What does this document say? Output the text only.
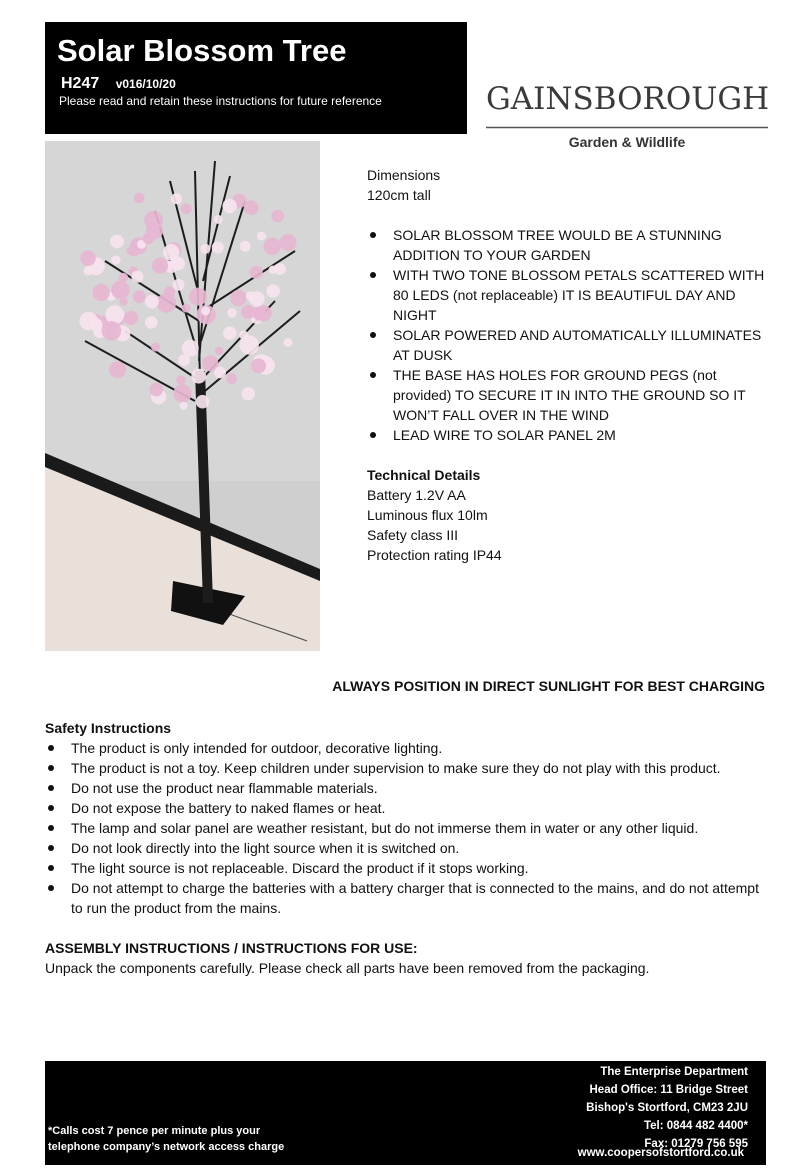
Solar Blossom Tree
H247 v016/10/20
Please read and retain these instructions for future reference	GAINSBOROUGH
Garden & Wildlife

Dimensions

120cm tall

SOLAR BLOSSOM TREE WOULD BE A STUNNING ADDITION TO YOUR GARDEN
WITH TWO TONE BLOSSOM PETALS SCATTERED WITH 80 LEDS (not replaceable) IT IS BEAUTIFUL DAY AND NIGHT
SOLAR POWERED AND AUTOMATICALLY ILLUMINATES AT DUSK
THE BASE HAS HOLES FOR GROUND PEGS (not provided) TO SECURE IT IN INTO THE GROUND SO IT WON’T FALL OVER IN THE WIND
LEAD WIRE TO SOLAR PANEL 2M

Technical Details

Battery 1.2V AA

Luminous flux 10lm

Safety class III

Protection rating IP44

ALWAYS POSITION IN DIRECT SUNLIGHT FOR BEST CHARGING
Safety Instructions
The product is only intended for outdoor, decorative lighting.
The product is not a toy. Keep children under supervision to make sure they do not play with this product.
Do not use the product near flammable materials.
Do not expose the battery to naked flames or heat.
The lamp and solar panel are weather resistant, but do not immerse them in water or any other liquid.
Do not look directly into the light source when it is switched on.
The light source is not replaceable. Discard the product if it stops working.
Do not attempt to charge the batteries with a battery charger that is connected to the mains, and do not attempt to run the product from the mains.
ASSEMBLY INSTRUCTIONS / INSTRUCTIONS FOR USE:
Unpack the components carefully. Please check all parts have been removed from the packaging.
*Calls cost 7 pence per minute plus your
telephone company’s network access charge
The Enterprise Department
Head Office: 11 Bridge Street
Bishop's Stortford, CM23 2JU
Tel: 0844 482 4400*
Fax: 01279 756 595
www.coopersofstortford.co.uk
